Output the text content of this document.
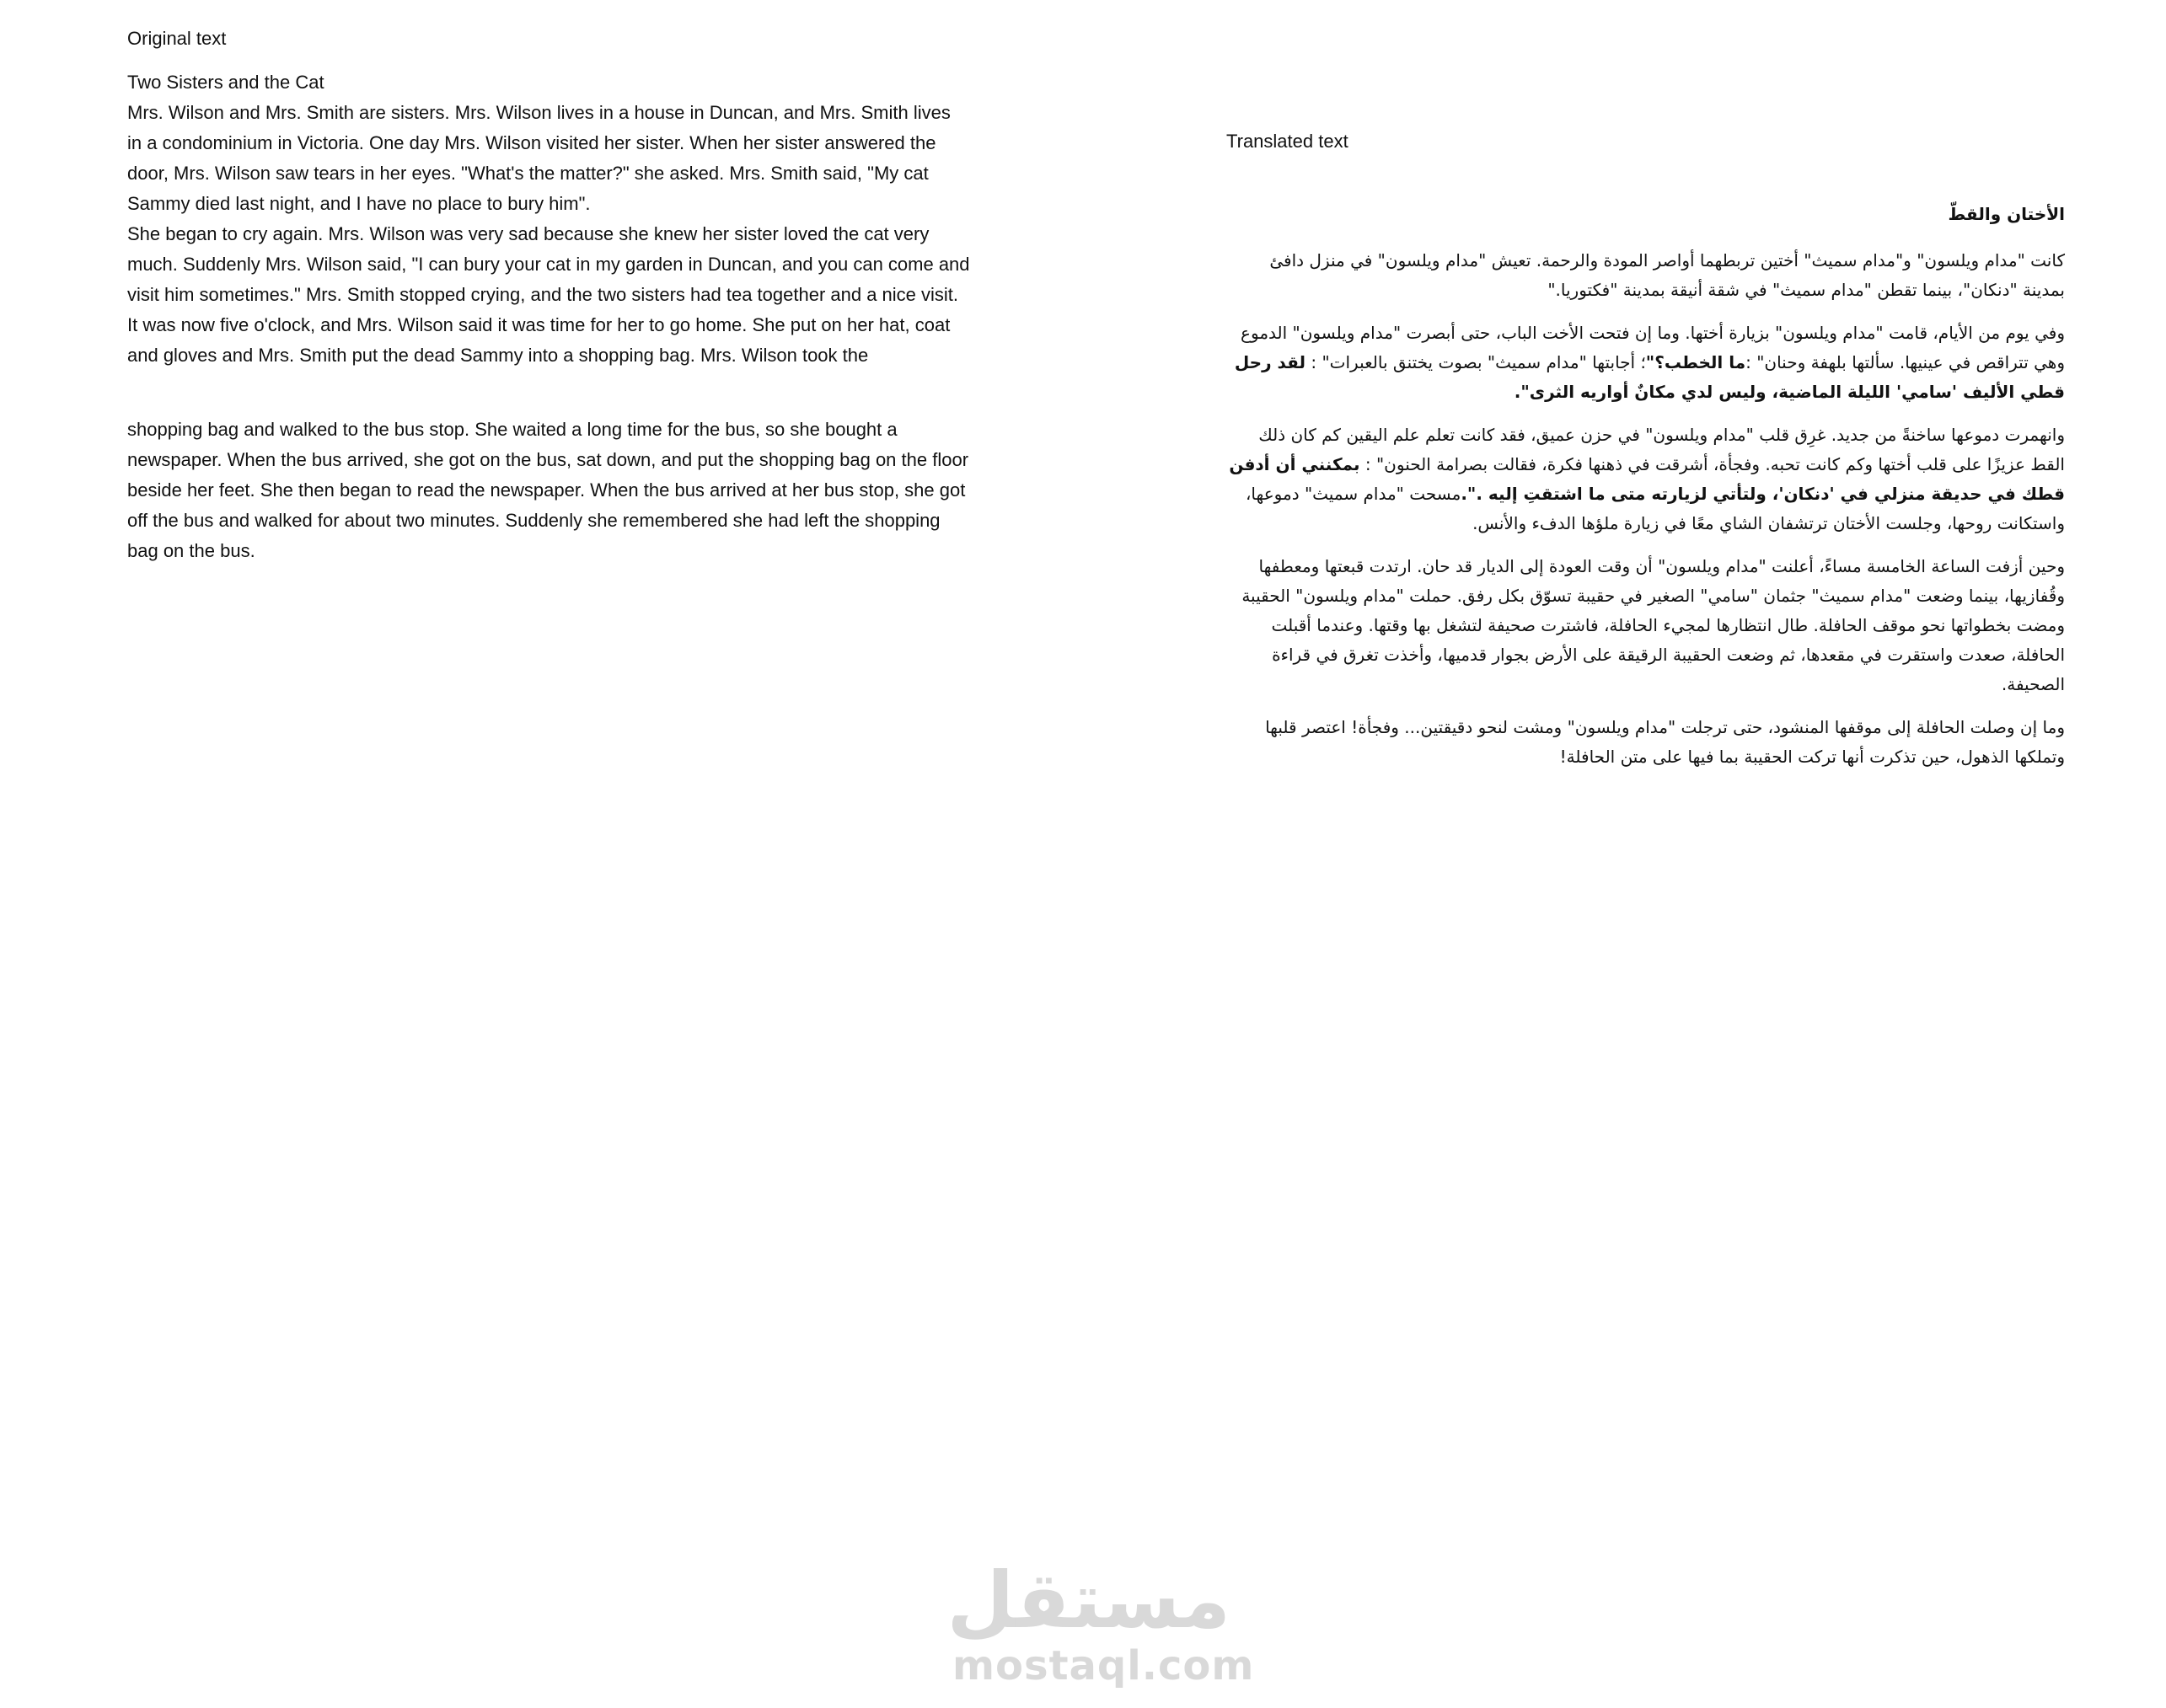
Original text
Two Sisters and the Cat

Mrs. Wilson and Mrs. Smith are sisters. Mrs. Wilson lives in a house in Duncan, and Mrs. Smith lives in a condominium in Victoria. One day Mrs. Wilson visited her sister. When her sister answered the door, Mrs. Wilson saw tears in her eyes. "What's the matter?" she asked. Mrs. Smith said, "My cat Sammy died last night, and I have no place to bury him".

She began to cry again. Mrs. Wilson was very sad because she knew her sister loved the cat very much. Suddenly Mrs. Wilson said, "I can bury your cat in my garden in Duncan, and you can come and visit him sometimes." Mrs. Smith stopped crying, and the two sisters had tea together and a nice visit.

It was now five o'clock, and Mrs. Wilson said it was time for her to go home. She put on her hat, coat and gloves and Mrs. Smith put the dead Sammy into a shopping bag. Mrs. Wilson took the

shopping bag and walked to the bus stop. She waited a long time for the bus, so she bought a newspaper. When the bus arrived, she got on the bus, sat down, and put the shopping bag on the floor beside her feet. She then began to read the newspaper. When the bus arrived at her bus stop, she got off the bus and walked for about two minutes. Suddenly she remembered she had left the shopping bag on the bus.

Translated text

الأختان والقطّ

كانت "مدام ويلسون" و"مدام سميث" أختين تربطهما أواصر المودة والرحمة. تعيش "مدام ويلسون" في منزل دافئ بمدينة "دنكان"، بينما تقطن "مدام سميث" في شقة أنيقة بمدينة "فكتوريا."

وفي يوم من الأيام، قامت "مدام ويلسون" بزيارة أختها. وما إن فتحت الأخت الباب، حتى أبصرت "مدام ويلسون" الدموع وهي تتراقص في عينيها. سألتها بلهفة وحنان" :ما الخطب؟"؛ أجابتها "مدام سميث" بصوت يختنق بالعبرات" : لقد رحل قطي الأليف 'سامي' الليلة الماضية، وليس لدي مكانٌ أواريه الثرى".

وانهمرت دموعها ساخنةً من جديد. غرِق قلب "مدام ويلسون" في حزن عميق، فقد كانت تعلم علم اليقين كم كان ذلك القط عزيزًا على قلب أختها وكم كانت تحبه. وفجأة، أشرقت في ذهنها فكرة، فقالت بصرامة الحنون" : بمكنني أن أدفن قطك في حديقة منزلي في 'دنكان'، ولتأتي لزيارته متى ما اشتقتِ إليه .".مسحت "مدام سميث" دموعها، واستكانت روحها، وجلست الأختان ترتشفان الشاي معًا في زيارة ملؤها الدفء والأنس.

وحين أزفت الساعة الخامسة مساءً، أعلنت "مدام ويلسون" أن وقت العودة إلى الديار قد حان. ارتدت قبعتها ومعطفها وقُفازيها، بينما وضعت "مدام سميث" جثمان "سامي" الصغير في حقيبة تسوّق بكل رفق. حملت "مدام ويلسون" الحقيبة ومضت بخطواتها نحو موقف الحافلة. طال انتظارها لمجيء الحافلة، فاشترت صحيفة لتشغل بها وقتها. وعندما أقبلت الحافلة، صعدت واستقرت في مقعدها، ثم وضعت الحقيبة الرقيقة على الأرض بجوار قدميها، وأخذت تغرق في قراءة الصحيفة.

وما إن وصلت الحافلة إلى موقفها المنشود، حتى ترجلت "مدام ويلسون" ومشت لنحو دقيقتين... وفجأة! اعتصر قلبها وتملكها الذهول، حين تذكرت أنها تركت الحقيبة بما فيها على متن الحافلة!

مستقل
mostaql.com
